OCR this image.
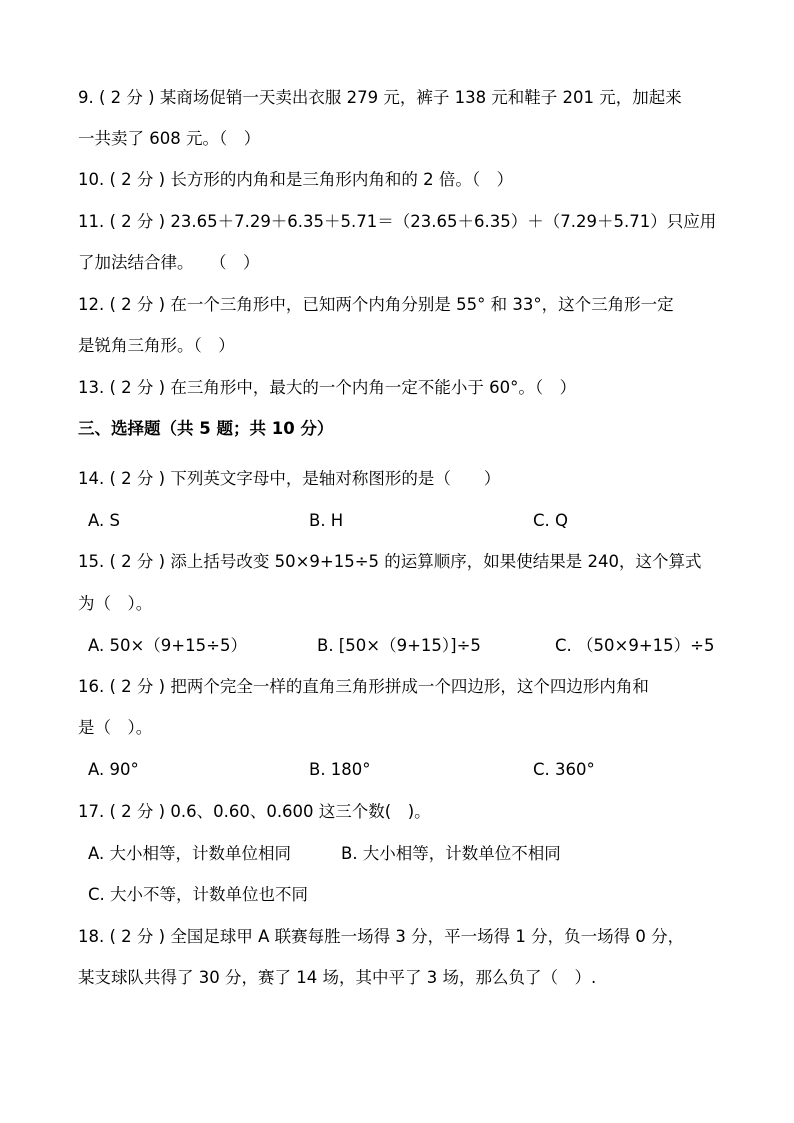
9. ( 2 分 ) 某商场促销一天卖出衣服 279 元，裤子 138 元和鞋子 201 元，加起来
一共卖了 608 元。（　）
10. ( 2 分 ) 长方形的内角和是三角形内角和的 2 倍。（　）
11. ( 2 分 ) 23.65＋7.29＋6.35＋5.71＝（23.65＋6.35）＋（7.29＋5.71）只应用
了加法结合律。　　（　）
12. ( 2 分 ) 在一个三角形中，已知两个内角分别是 55° 和 33°，这个三角形一定
是锐角三角形。（　）
13. ( 2 分 ) 在三角形中，最大的一个内角一定不能小于 60°。（　）
三、选择题（共 5 题；共 10 分）
14. ( 2 分 ) 下列英文字母中，是轴对称图形的是（　　）
A. S	B. H	C. Q
15. ( 2 分 ) 添上括号改变 50×9+15÷5 的运算顺序，如果使结果是 240，这个算式
为（　）。
A. 50×（9+15÷5）	B. [50×（9+15）]÷5	C. （50×9+15）÷5
16. ( 2 分 ) 把两个完全一样的直角三角形拼成一个四边形，这个四边形内角和
是（　）。
A. 90°	B. 180°	C. 360°
17. ( 2 分 ) 0.6、0.60、0.600 这三个数(　)。
A. 大小相等，计数单位相同	B. 大小相等，计数单位不相同
C. 大小不等，计数单位也不同
18. ( 2 分 ) 全国足球甲 A 联赛每胜一场得 3 分，平一场得 1 分，负一场得 0 分，
某支球队共得了 30 分，赛了 14 场，其中平了 3 场，那么负了（　）.
